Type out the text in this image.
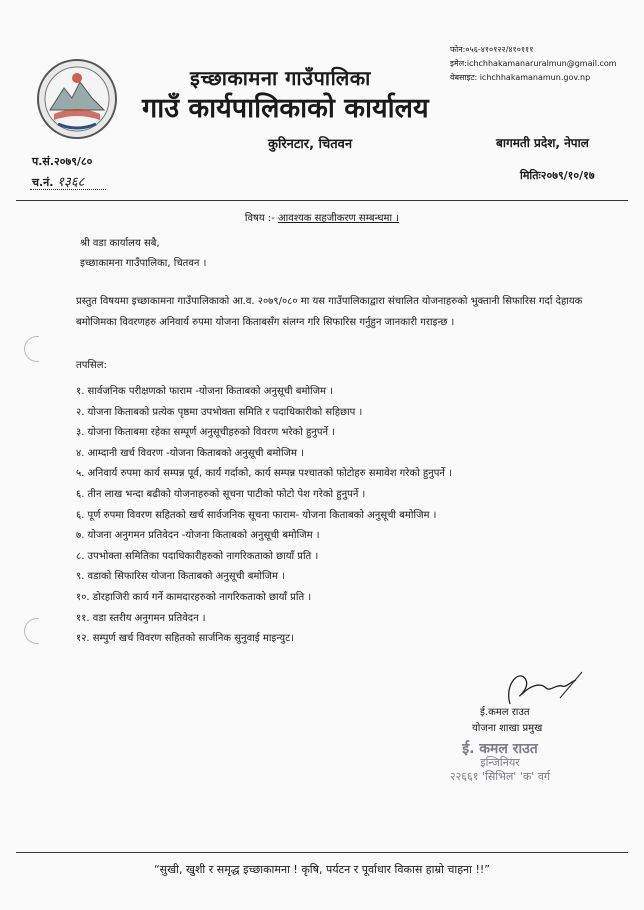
फोन:०५६-४१०१२२/४१०१११
इमेल:ichchhakamanaruralmun@gmail.com
वेबसाइट: ichchhakamanamun.gov.np
इच्छाकामना गाउँपालिका
गाउँ कार्यपालिकाको कार्यालय
कुरिनटार, चितवन	बागमती प्रदेश, नेपाल
प.सं.२०७९/८०
च.नं. १३६८	मितिः२०७९/१०/१७
विषय :- आवश्यक सहजीकरण सम्बन्धमा ।
श्री वडा कार्यालय सबै,
इच्छाकामना गाउँपालिका, चितवन ।
प्रस्तुत विषयमा इच्छाकामना गाउँपालिकाको आ.व. २०७९/०८० मा यस गाउँपालिकाद्वारा संचालित योजनाहरुको भुक्तानी सिफारिस गर्दा देहायक बमोजिमका विवरणहरु अनिवार्य रुपमा योजना किताबसँग संलग्न गरि सिफारिस गर्नुहुन जानकारी गराइन्छ ।
तपसिल:
१. सार्वजनिक परीक्षणको फाराम -योजना किताबको अनुसूची बमोजिम ।
२. योजना किताबको प्रत्येक पृष्ठमा उपभोक्ता समिति र पदाधिकारीको सहिछाप ।
३. योजना किताबमा रहेका सम्पूर्ण अनुसूचीहरुको विवरण भरेको हुनुपर्ने ।
४. आम्दानी खर्च विवरण -योजना किताबको अनुसूची बमोजिम ।
५. अनिवार्य रुपमा कार्य सम्पन्न पूर्व, कार्य गर्दाको, कार्य सम्पन्न पश्चातको फोटोहरु समावेश गरेको हुनुपर्ने ।
६. तीन लाख भन्दा बढीको योजनाहरुको सूचना पाटीको फोटो पेश गरेको हुनुपर्ने ।
६. पूर्ण रुपमा विवरण सहितको खर्च सार्वजनिक सूचना फाराम- योजना किताबको अनुसूची बमोजिम ।
७. योजना अनुगमन प्रतिवेदन -योजना किताबको अनुसूची बमोजिम ।
८. उपभोक्ता समितिका पदाधिकारीहरुको नागरिकताको छायाँ प्रति ।
९. वडाको सिफारिस योजना किताबको अनुसूची बमोजिम ।
१०. डोरहाजिरी कार्य गर्ने कामदारहरुको नागरिकताको छायाँ प्रति ।
११. वडा स्तरीय अनुगमन प्रतिवेदन ।
१२. सम्पुर्ण खर्च विवरण सहितको सार्जनिक सुनुवाई माइन्युट।
ई.कमल राउत
योजना शाखा प्रमुख
ई. कमल राउत
इन्जिनियर
२२६६१ 'सिभिल' 'क' वर्ग
“सुखी, खुशी र समृद्ध इच्छाकामना ! कृषि, पर्यटन र पूर्वाधार विकास हाम्रो चाहना !!”
